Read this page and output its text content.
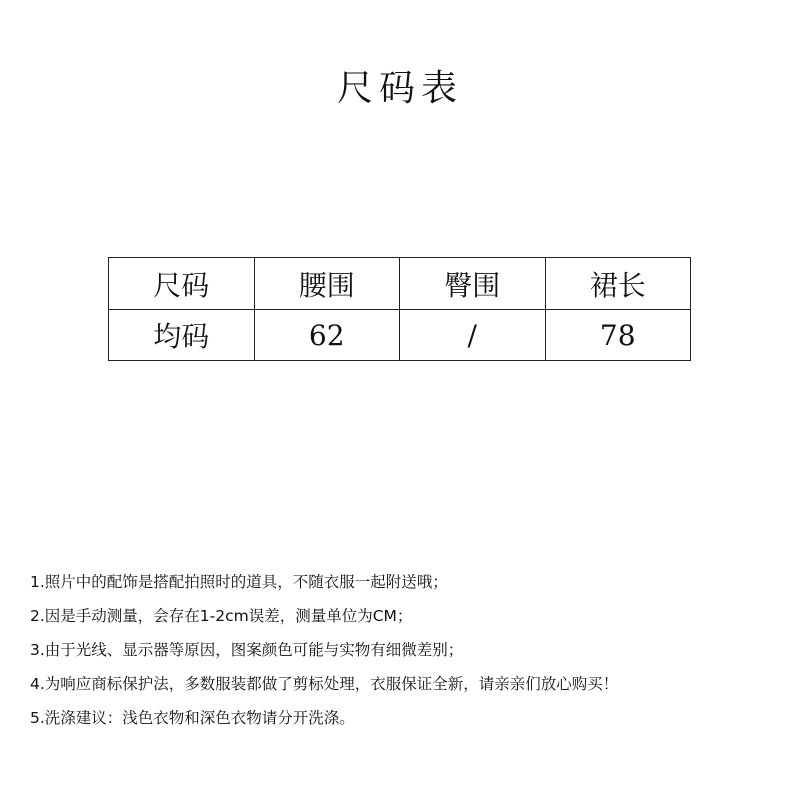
尺码表
尺码	腰围	臀围	裙长
均码	62	/	78
1.照片中的配饰是搭配拍照时的道具，不随衣服一起附送哦；
2.因是手动测量，会存在1-2cm误差，测量单位为CM；
3.由于光线、显示器等原因，图案颜色可能与实物有细微差别；
4.为响应商标保护法，多数服装都做了剪标处理，衣服保证全新，请亲亲们放心购买！
5.洗涤建议：浅色衣物和深色衣物请分开洗涤。
